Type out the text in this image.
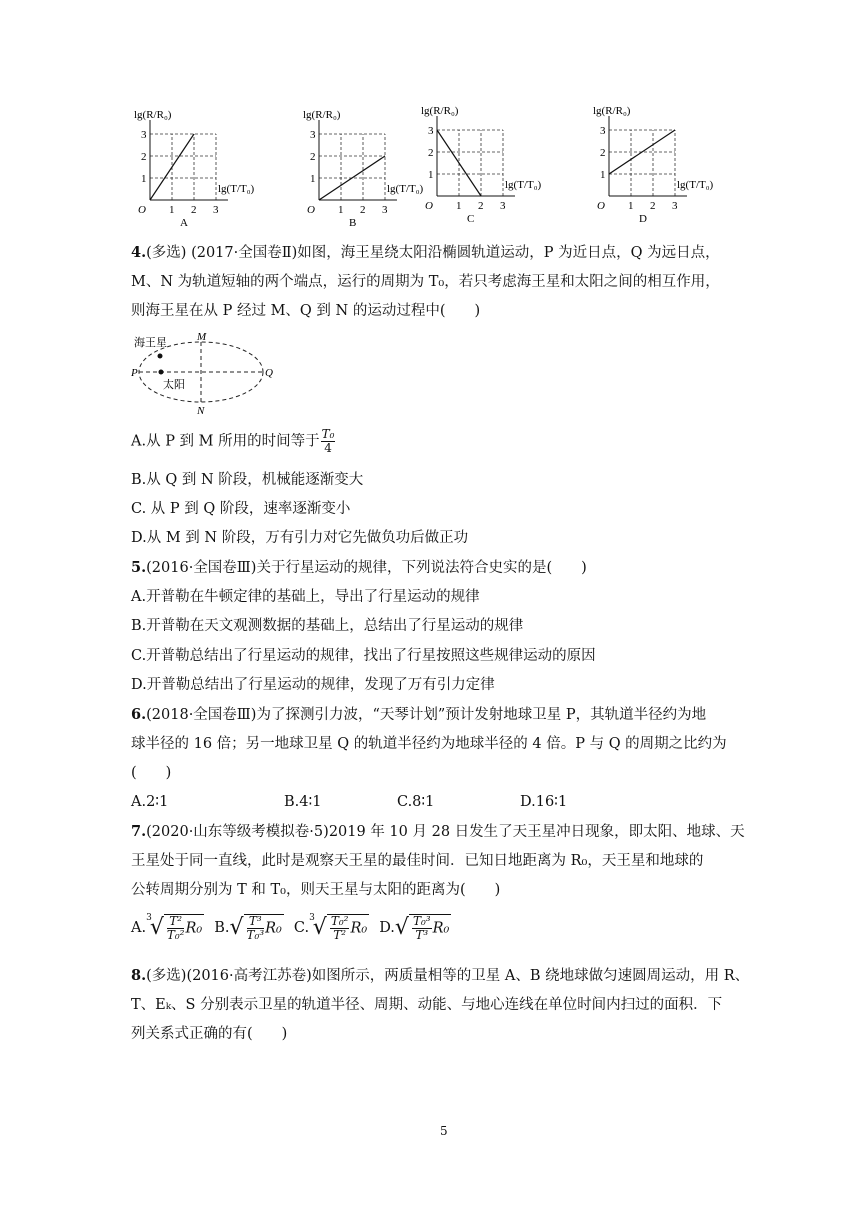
3
2
1
O 1 2 3
lg(R/R₀)
lg(T/T₀)
A
3
2
1
O 1 2 3
lg(R/R₀)
lg(T/T₀)
B
3
2
1
O 1 2 3
lg(R/R₀)
lg(T/T₀)
C
3
2
1
O 1 2 3
lg(R/R₀)
lg(T/T₀)
D
4.(多选) (2017·全国卷Ⅱ)如图，海王星绕太阳沿椭圆轨道运动，P 为近日点，Q 为远日点，
M、N 为轨道短轴的两个端点，运行的周期为 T₀，若只考虑海王星和太阳之间的相互作用，
则海王星在从 P 经过 M、Q 到 N 的运动过程中(　　)
海王星
太阳
P	Q
M
N
A.从 P 到 M 所用的时间等于 $\frac{\text{T₀}}{4}$
B.从 Q 到 N 阶段，机械能逐渐变大
C. 从 P 到 Q 阶段，速率逐渐变小
D.从 M 到 N 阶段，万有引力对它先做负功后做正功
5.(2016·全国卷Ⅲ)关于行星运动的规律，下列说法符合史实的是(　　)
A.开普勒在牛顿定律的基础上，导出了行星运动的规律
B.开普勒在天文观测数据的基础上，总结出了行星运动的规律
C.开普勒总结出了行星运动的规律，找出了行星按照这些规律运动的原因
D.开普勒总结出了行星运动的规律，发现了万有引力定律
6.(2018·全国卷Ⅲ)为了探测引力波，“天琴计划”预计发射地球卫星 P，其轨道半径约为地
球半径的 16 倍；另一地球卫星 Q 的轨道半径约为地球半径的 4 倍。P 与 Q 的周期之比约为
(　　)
A.2∶1	B.4∶1	C.8∶1	D.16∶1
7.(2020·山东等级考模拟卷·5)2019 年 10 月 28 日发生了天王星冲日现象，即太阳、地球、天
王星处于同一直线，此时是观察天王星的最佳时间．已知日地距离为 R₀，天王星和地球的
公转周期分别为 T 和 T₀，则天王星与太阳的距离为(　　)
$A.^3√ \frac{\text{T²}}{\text{T₀²}} R_0$ $B.√ \frac{\text{T³}}{\text{T₀³}} R_0$ $C.^3√ \frac{\text{T₀²}}{\text{T²}} R_0$ $D.√ \frac{\text{T₀³}}{\text{T³}} R_0$
8.(多选)(2016·高考江苏卷)如图所示，两质量相等的卫星 A、B 绕地球做匀速圆周运动，用 R、
T、Eₖ、S 分别表示卫星的轨道半径、周期、动能、与地心连线在单位时间内扫过的面积．下
列关系式正确的有(　　)
5
